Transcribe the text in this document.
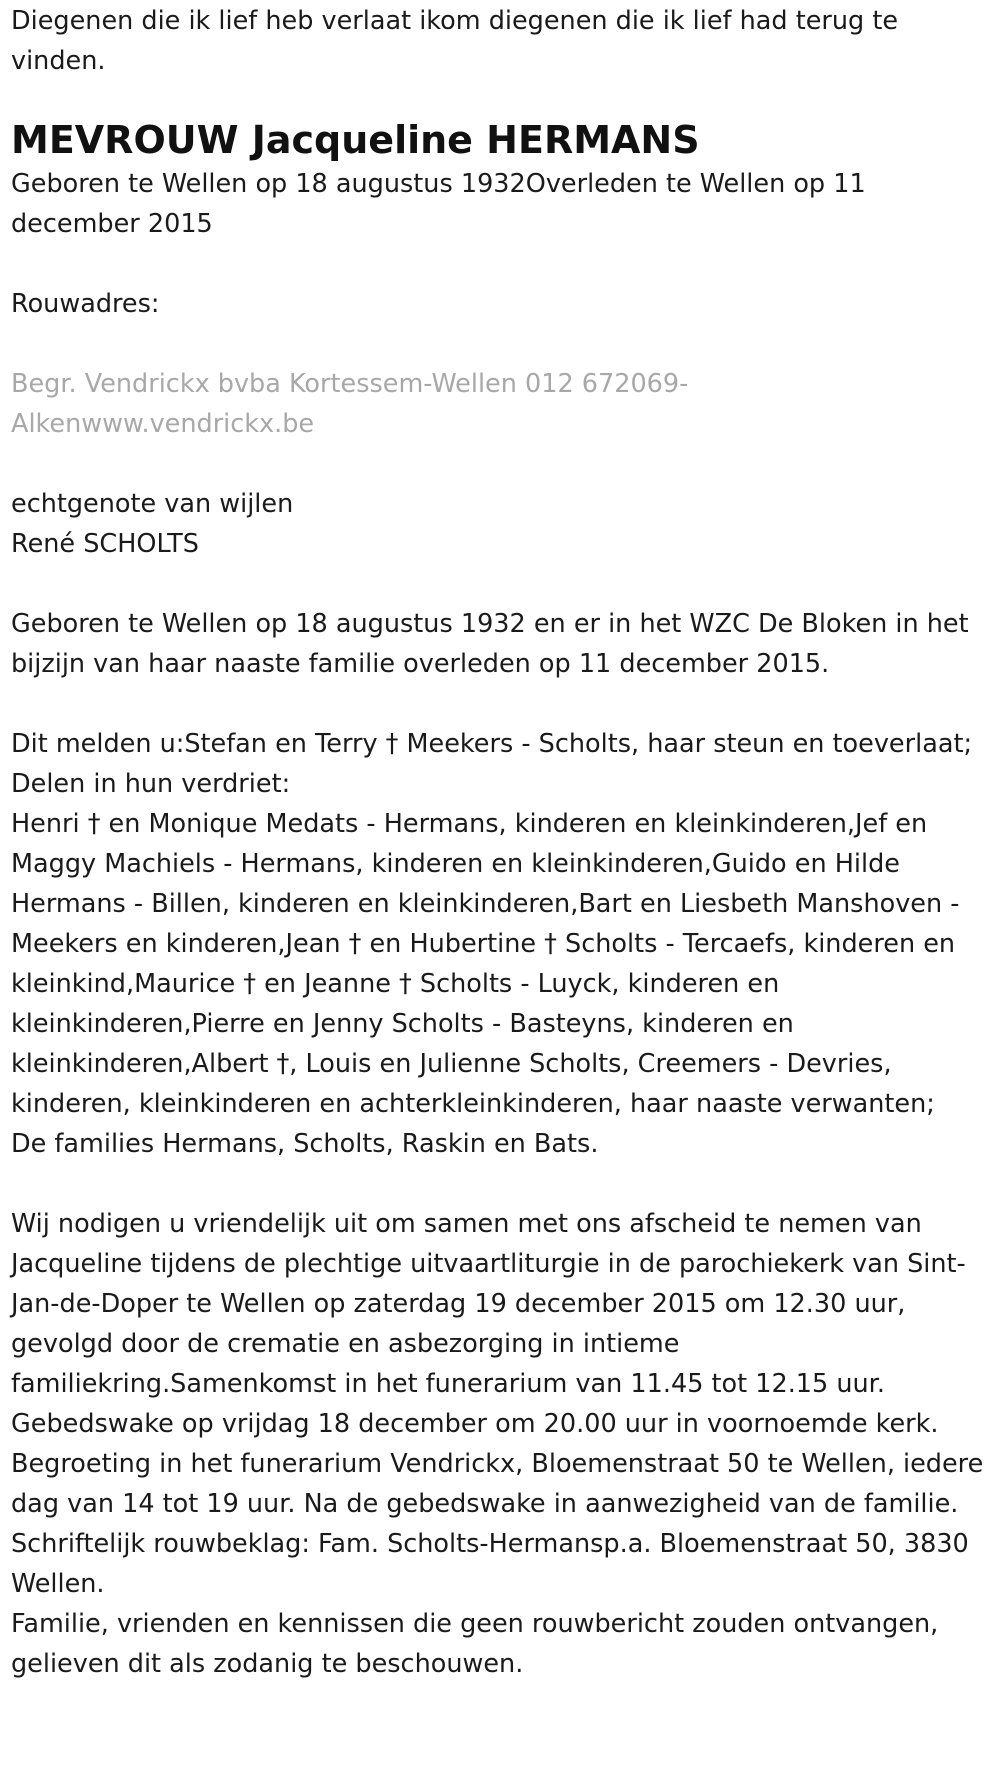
Diegenen die ik lief heb verlaat ikom diegenen die ik lief had terug te vinden.

MEVROUW Jacqueline HERMANS

Geboren te Wellen op 18 augustus 1932Overleden te Wellen op 11 december 2015

Rouwadres:

Begr. Vendrickx bvba Kortessem-Wellen 012 672069-

Alkenwww.vendrickx.be

echtgenote van wijlen

René SCHOLTS

Geboren te Wellen op 18 augustus 1932 en er in het WZC De Bloken in het bijzijn van haar naaste familie overleden op 11 december 2015.

Dit melden u:Stefan en Terry † Meekers - Scholts, haar steun en toeverlaat;

Delen in hun verdriet:

Henri † en Monique Medats - Hermans, kinderen en kleinkinderen,Jef en Maggy Machiels - Hermans, kinderen en kleinkinderen,Guido en Hilde Hermans - Billen, kinderen en kleinkinderen,Bart en Liesbeth Manshoven - Meekers en kinderen,Jean † en Hubertine † Scholts - Tercaefs, kinderen en kleinkind,Maurice † en Jeanne † Scholts - Luyck, kinderen en kleinkinderen,Pierre en Jenny Scholts - Basteyns, kinderen en kleinkinderen,Albert †, Louis en Julienne Scholts, Creemers - Devries, kinderen, kleinkinderen en achterkleinkinderen, haar naaste verwanten;

De families Hermans, Scholts, Raskin en Bats.

Wij nodigen u vriendelijk uit om samen met ons afscheid te nemen van Jacqueline tijdens de plechtige uitvaartliturgie in de parochiekerk van Sint-Jan-de-Doper te Wellen op zaterdag 19 december 2015 om 12.30 uur, gevolgd door de crematie en asbezorging in intieme familiekring.Samenkomst in het funerarium van 11.45 tot 12.15 uur.

Gebedswake op vrijdag 18 december om 20.00 uur in voornoemde kerk.

Begroeting in het funerarium Vendrickx, Bloemenstraat 50 te Wellen, iedere dag van 14 tot 19 uur. Na de gebedswake in aanwezigheid van de familie.

Schriftelijk rouwbeklag: Fam. Scholts-Hermansp.a. Bloemenstraat 50, 3830 Wellen.

Familie, vrienden en kennissen die geen rouwbericht zouden ontvangen, gelieven dit als zodanig te beschouwen.
